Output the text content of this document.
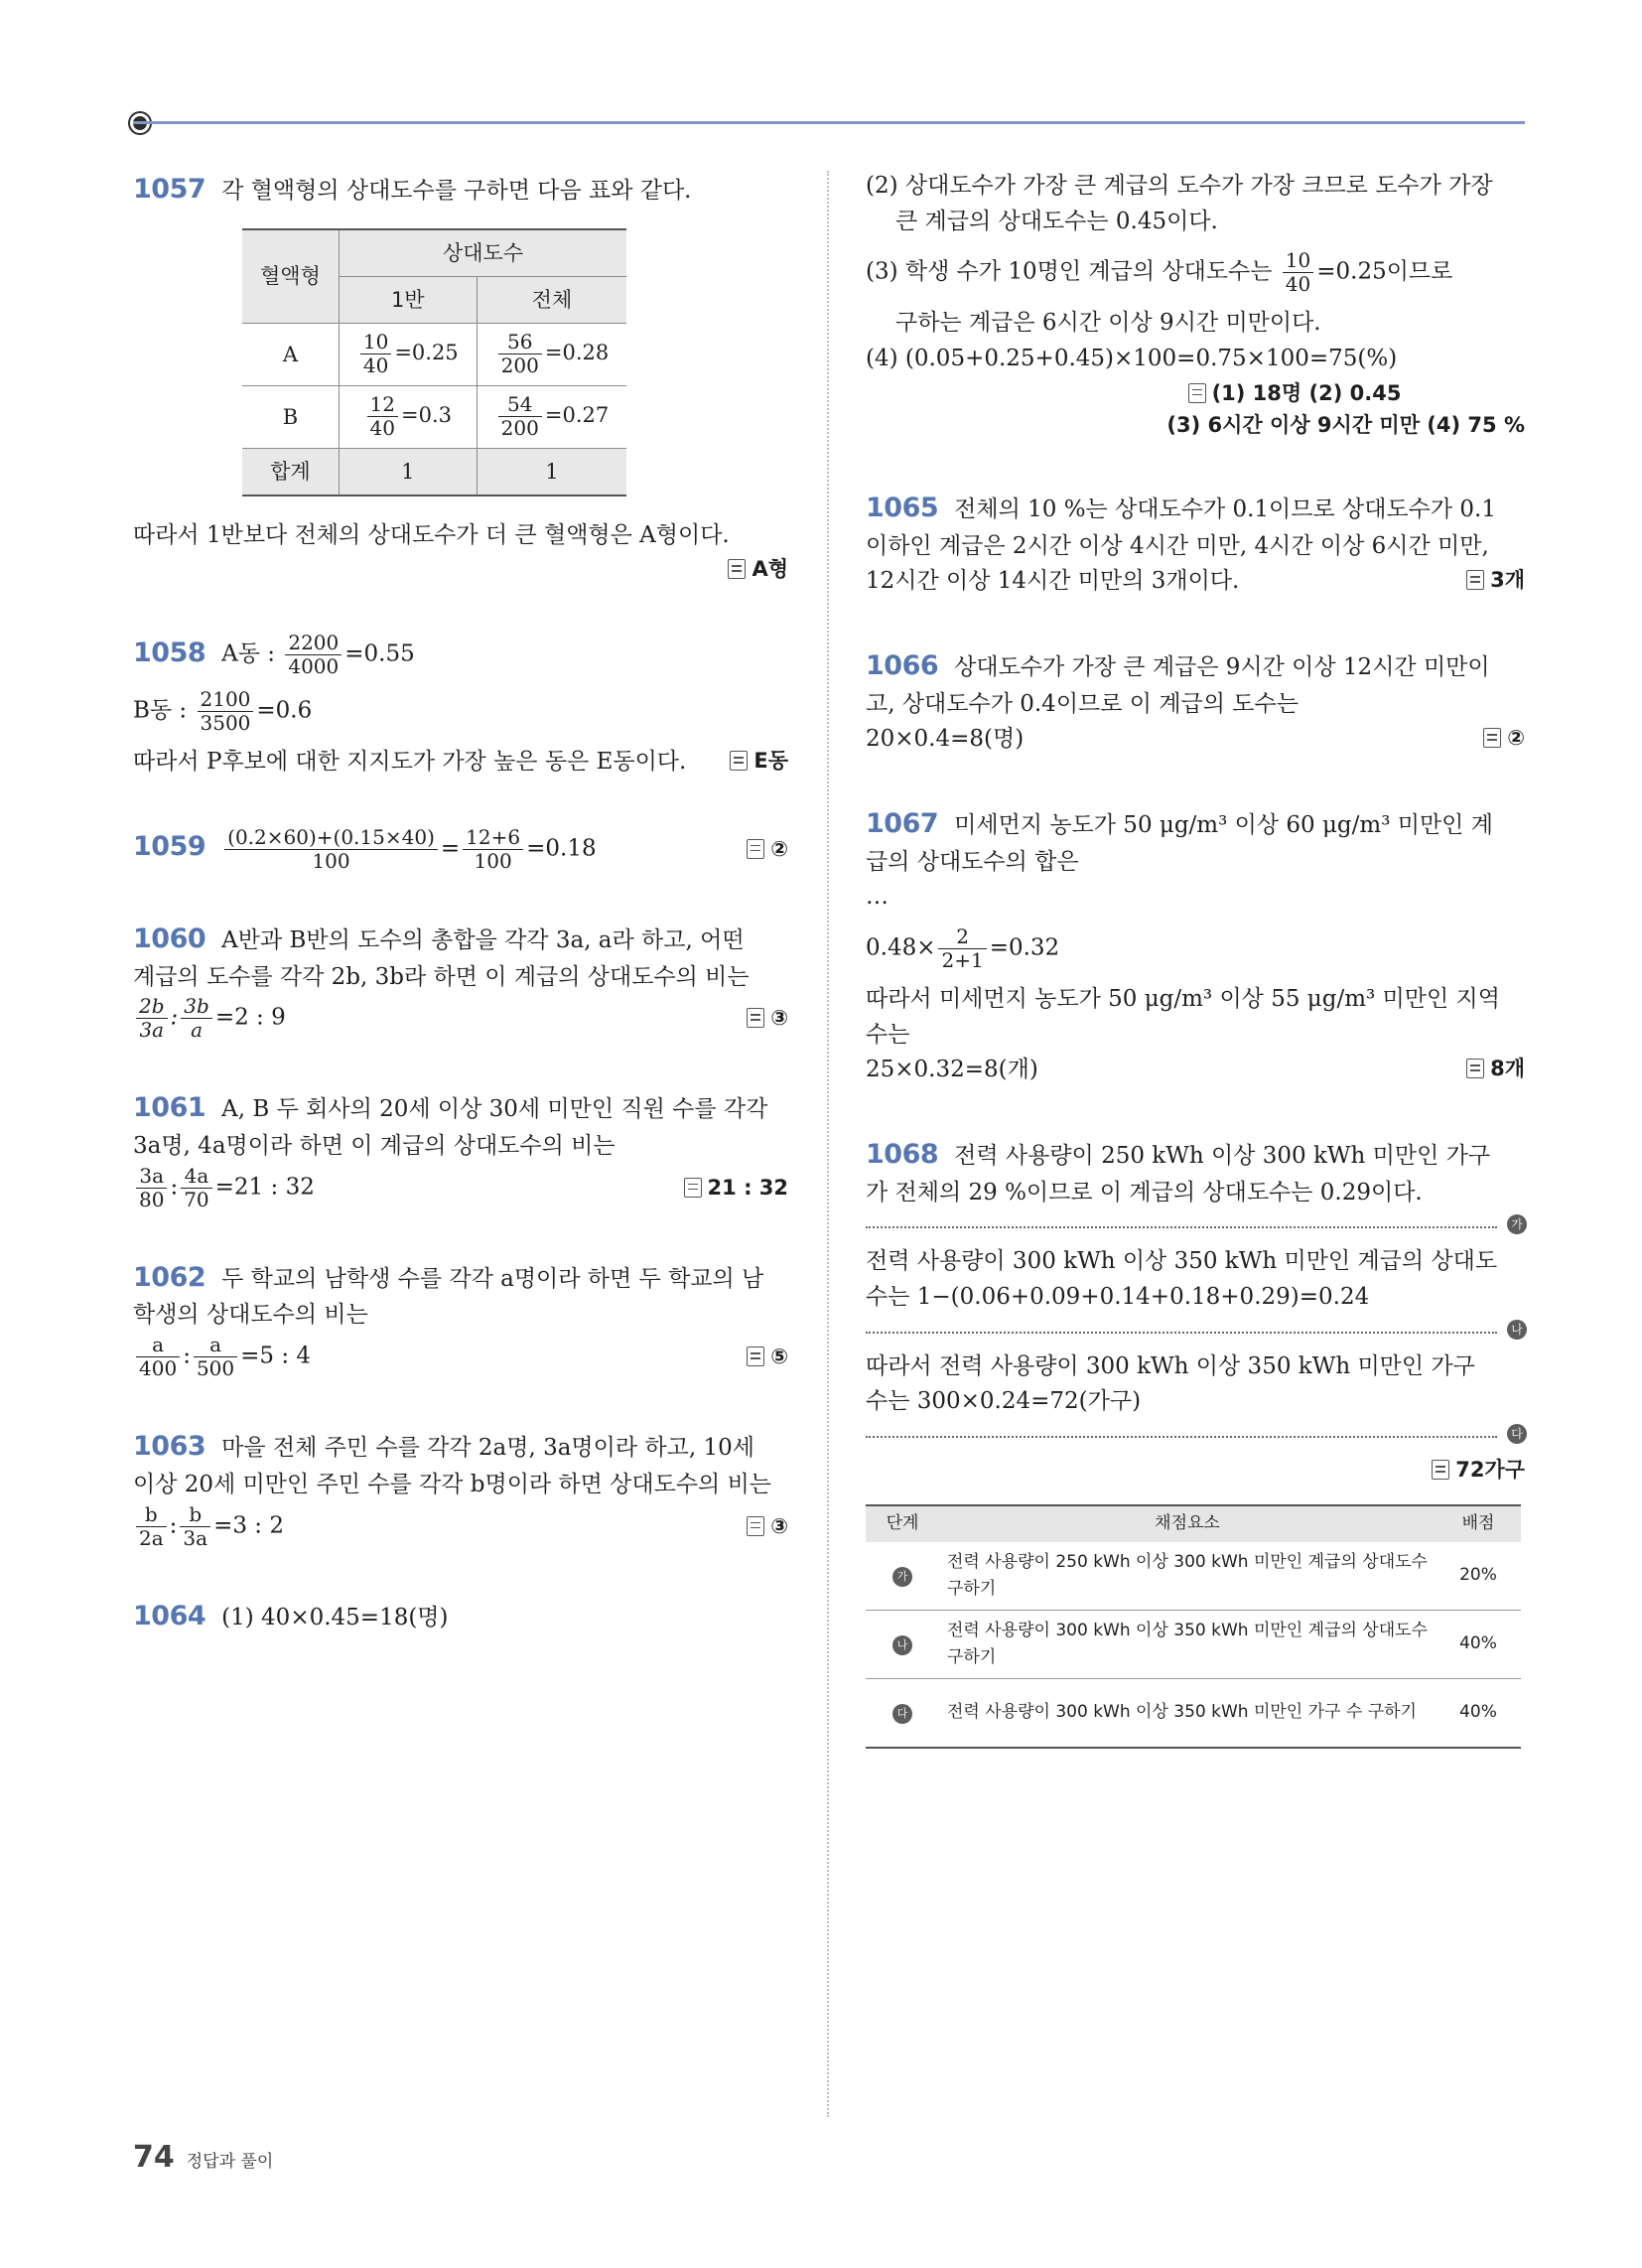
1057 각 혈액형의 상대도수를 구하면 다음 표와 같다.
혈액형	상대도수	
	1반	전체
A	$\frac{10}{40} =0.25$	$\frac{56}{200} =0.28$
B	$\frac{12}{40} =0.3$	$\frac{54}{200} =0.27$
합계	1	1
따라서 1반보다 전체의 상대도수가 더 큰 혈액형은 A형이다.
A형
1058 A동 : $\frac{2200}{4000} =0.55$
B동 : $\frac{2100}{3500} =0.6$
따라서 P후보에 대한 지지도가 가장 높은 동은 E동이다.	E동
$1059 \frac{(0.2\times 60)+(0.15\times 40)}{100} = \frac{12+6}{100} =0.18$	②
1060 A반과 B반의 도수의 총합을 각각 3a, a라 하고, 어떤
계급의 도수를 각각 2b, 3b라 하면 이 계급의 상대도수의 비는
$\frac{2b}{3a}$ : $\frac{3b}{a} =2$ : 9	③
1061 A, B 두 회사의 20세 이상 30세 미만인 직원 수를 각각
3a명, 4a명이라 하면 이 계급의 상대도수의 비는
$\frac{3a}{80}$ : $\frac{4a}{70} =21$ : 32	21 : 32
1062 두 학교의 남학생 수를 각각 a명이라 하면 두 학교의 남
학생의 상대도수의 비는
$\frac{a}{400}$ : $\frac{a}{500} =5$ : 4	⑤
1063 마을 전체 주민 수를 각각 2a명, 3a명이라 하고, 10세
이상 20세 미만인 주민 수를 각각 b명이라 하면 상대도수의 비는
$\frac{b}{2a}$ : $\frac{b}{3a} =3$ : 2	③
1064 (1) 40×0.45=18(명)
(2) 상대도수가 가장 큰 계급의 도수가 가장 크므로 도수가 가장
큰 계급의 상대도수는 0.45이다.
(3) 학생 수가 10명인 계급의 상대도수는 $\frac{10}{40} =0.25$이므로
구하는 계급은 6시간 이상 9시간 미만이다.
(4) (0.05+0.25+0.45)×100=0.75×100=75(%)
(1) 18명 (2) 0.45
(3) 6시간 이상 9시간 미만 (4) 75 %
1065 전체의 10 %는 상대도수가 0.1이므로 상대도수가 0.1
이하인 계급은 2시간 이상 4시간 미만, 4시간 이상 6시간 미만,
12시간 이상 14시간 미만의 3개이다.	3개
1066 상대도수가 가장 큰 계급은 9시간 이상 12시간 미만이
고, 상대도수가 0.4이므로 이 계급의 도수는
20×0.4=8(명)	②
1067 미세먼지 농도가 50 μg/m³ 이상 60 μg/m³ 미만인 계
급의 상대도수의 합은
…
$0.48\times \frac{2}{2+1} =0.32$
따라서 미세먼지 농도가 50 μg/m³ 이상 55 μg/m³ 미만인 지역
수는
25×0.32=8(개)	8개
1068 전력 사용량이 250 kWh 이상 300 kWh 미만인 가구
가 전체의 29 %이므로 이 계급의 상대도수는 0.29이다.
가
전력 사용량이 300 kWh 이상 350 kWh 미만인 계급의 상대도
수는 1−(0.06+0.09+0.14+0.18+0.29)=0.24
나
따라서 전력 사용량이 300 kWh 이상 350 kWh 미만인 가구
수는 300×0.24=72(가구)
다
72가구
단계	채점요소	배점
가	전력 사용량이 250 kWh 이상 300 kWh 미만인 계급의 상대도수 구하기	20%
나	전력 사용량이 300 kWh 이상 350 kWh 미만인 계급의 상대도수 구하기	40%
다	전력 사용량이 300 kWh 이상 350 kWh 미만인 가구 수 구하기	40%
74 정답과 풀이
